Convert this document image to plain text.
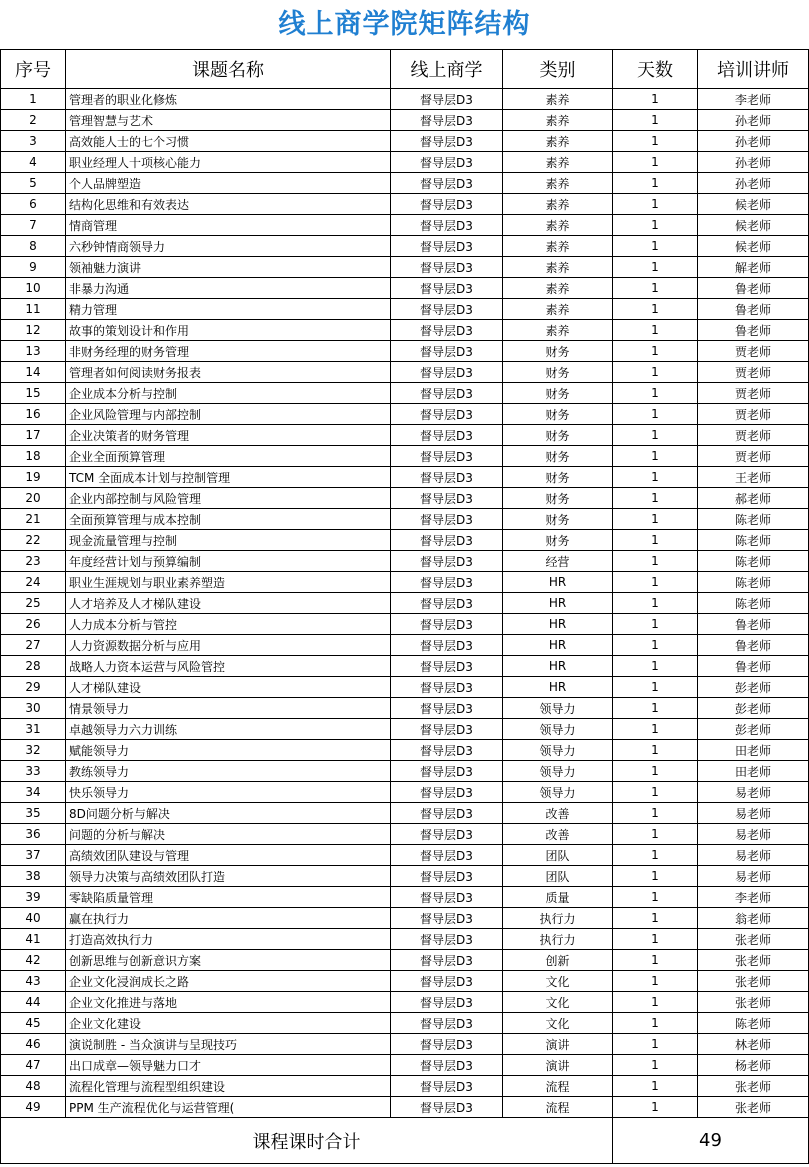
线上商学院矩阵结构
序号	课题名称	线上商学	类别	天数	培训讲师
1	管理者的职业化修炼	督导层D3	素养	1	李老师
2	管理智慧与艺术	督导层D3	素养	1	孙老师
3	高效能人士的七个习惯	督导层D3	素养	1	孙老师
4	职业经理人十项核心能力	督导层D3	素养	1	孙老师
5	个人品牌塑造	督导层D3	素养	1	孙老师
6	结构化思维和有效表达	督导层D3	素养	1	候老师
7	情商管理	督导层D3	素养	1	候老师
8	六秒钟情商领导力	督导层D3	素养	1	候老师
9	领袖魅力演讲	督导层D3	素养	1	解老师
10	非暴力沟通	督导层D3	素养	1	鲁老师
11	精力管理	督导层D3	素养	1	鲁老师
12	故事的策划设计和作用	督导层D3	素养	1	鲁老师
13	非财务经理的财务管理	督导层D3	财务	1	贾老师
14	管理者如何阅读财务报表	督导层D3	财务	1	贾老师
15	企业成本分析与控制	督导层D3	财务	1	贾老师
16	企业风险管理与内部控制	督导层D3	财务	1	贾老师
17	企业决策者的财务管理	督导层D3	财务	1	贾老师
18	企业全面预算管理	督导层D3	财务	1	贾老师
19	TCM 全面成本计划与控制管理	督导层D3	财务	1	王老师
20	企业内部控制与风险管理	督导层D3	财务	1	郝老师
21	全面预算管理与成本控制	督导层D3	财务	1	陈老师
22	现金流量管理与控制	督导层D3	财务	1	陈老师
23	年度经营计划与预算编制	督导层D3	经营	1	陈老师
24	职业生涯规划与职业素养塑造	督导层D3	HR	1	陈老师
25	人才培养及人才梯队建设	督导层D3	HR	1	陈老师
26	人力成本分析与管控	督导层D3	HR	1	鲁老师
27	人力资源数据分析与应用	督导层D3	HR	1	鲁老师
28	战略人力资本运营与风险管控	督导层D3	HR	1	鲁老师
29	人才梯队建设	督导层D3	HR	1	彭老师
30	情景领导力	督导层D3	领导力	1	彭老师
31	卓越领导力六力训练	督导层D3	领导力	1	彭老师
32	赋能领导力	督导层D3	领导力	1	田老师
33	教练领导力	督导层D3	领导力	1	田老师
34	快乐领导力	督导层D3	领导力	1	易老师
35	8D问题分析与解决	督导层D3	改善	1	易老师
36	问题的分析与解决	督导层D3	改善	1	易老师
37	高绩效团队建设与管理	督导层D3	团队	1	易老师
38	领导力决策与高绩效团队打造	督导层D3	团队	1	易老师
39	零缺陷质量管理	督导层D3	质量	1	李老师
40	赢在执行力	督导层D3	执行力	1	翁老师
41	打造高效执行力	督导层D3	执行力	1	张老师
42	创新思维与创新意识方案	督导层D3	创新	1	张老师
43	企业文化浸润成长之路	督导层D3	文化	1	张老师
44	企业文化推进与落地	督导层D3	文化	1	张老师
45	企业文化建设	督导层D3	文化	1	陈老师
46	演说制胜 - 当众演讲与呈现技巧	督导层D3	演讲	1	林老师
47	出口成章—领导魅力口才	督导层D3	演讲	1	杨老师
48	流程化管理与流程型组织建设	督导层D3	流程	1	张老师
49	PPM 生产流程优化与运营管理(	督导层D3	流程	1	张老师
课程课时合计				49	
